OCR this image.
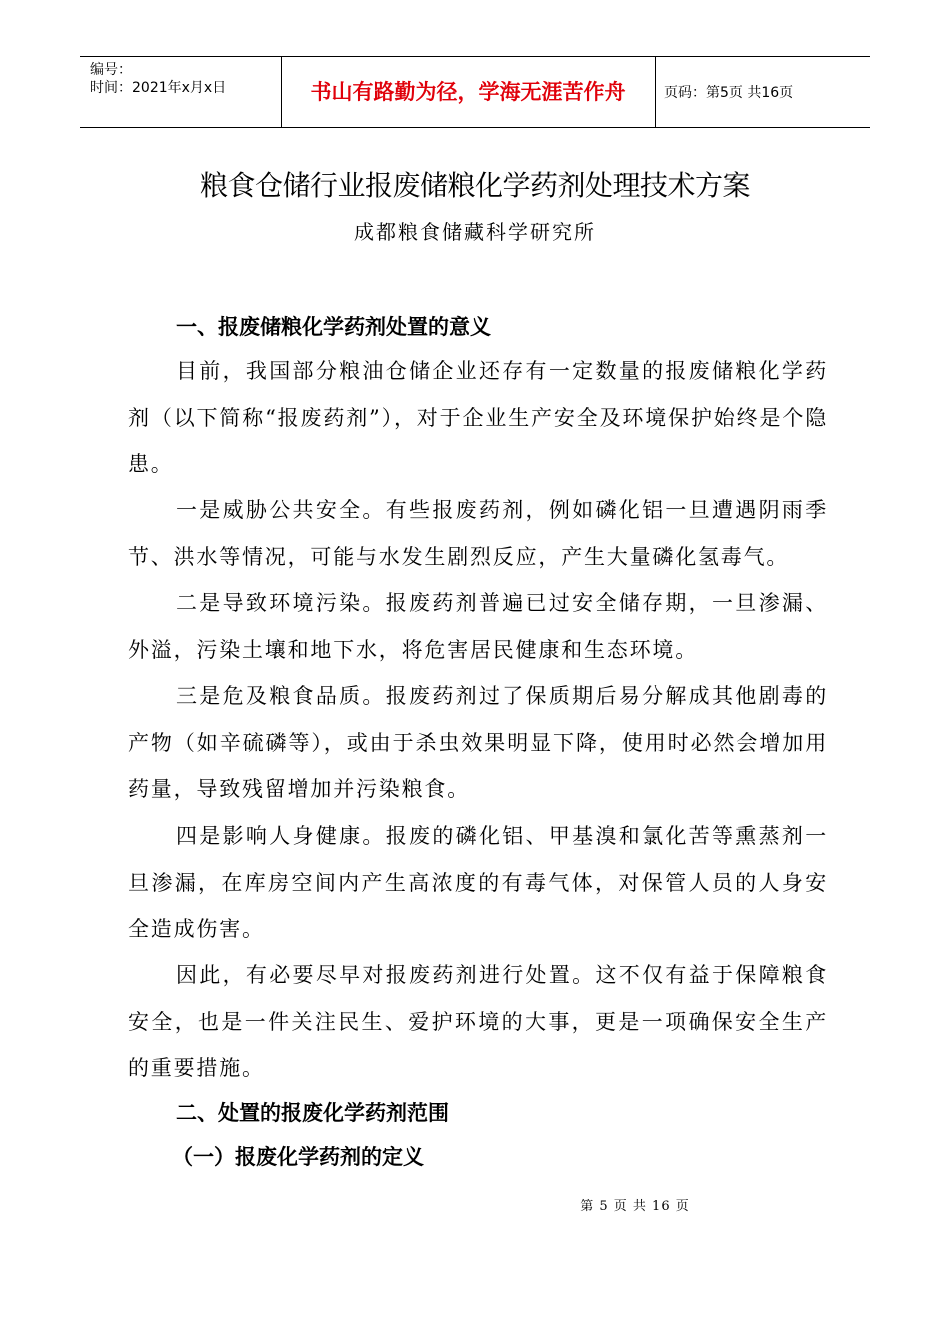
编号：
时间：2021年x月x日	书山有路勤为径，学海无涯苦作舟	页码：第5页 共16页
粮食仓储行业报废储粮化学药剂处理技术方案
成都粮食储藏科学研究所
一、报废储粮化学药剂处置的意义

目前，我国部分粮油仓储企业还存有一定数量的报废储粮化学药剂（以下简称“报废药剂”），对于企业生产安全及环境保护始终是个隐患。

一是威胁公共安全。有些报废药剂，例如磷化铝一旦遭遇阴雨季节、洪水等情况，可能与水发生剧烈反应，产生大量磷化氢毒气。

二是导致环境污染。报废药剂普遍已过安全储存期，一旦渗漏、外溢，污染土壤和地下水，将危害居民健康和生态环境。

三是危及粮食品质。报废药剂过了保质期后易分解成其他剧毒的产物（如辛硫磷等），或由于杀虫效果明显下降，使用时必然会增加用药量，导致残留增加并污染粮食。

四是影响人身健康。报废的磷化铝、甲基溴和氯化苦等熏蒸剂一旦渗漏，在库房空间内产生高浓度的有毒气体，对保管人员的人身安全造成伤害。

因此，有必要尽早对报废药剂进行处置。这不仅有益于保障粮食安全，也是一件关注民生、爱护环境的大事，更是一项确保安全生产的重要措施。

二、处置的报废化学药剂范围
（一）报废化学药剂的定义
第 5 页 共 16 页
